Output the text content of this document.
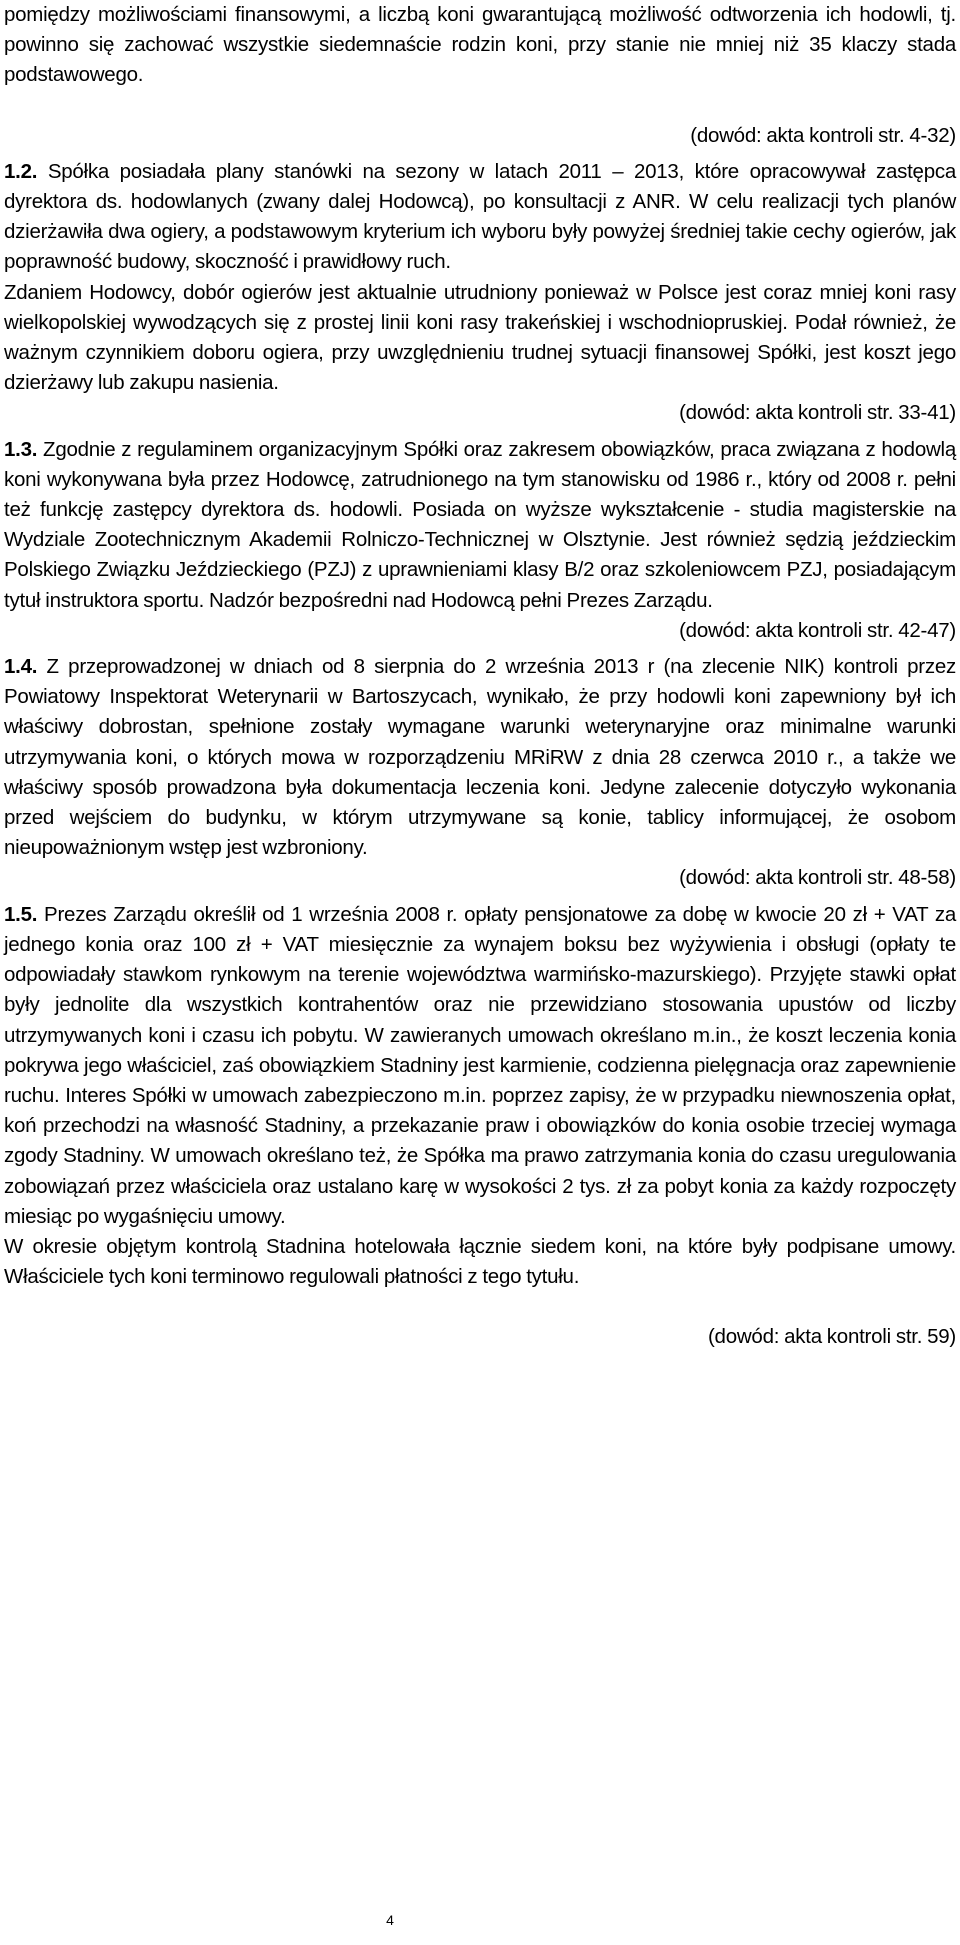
pomiędzy możliwościami finansowymi, a liczbą koni gwarantującą możliwość odtworzenia ich hodowli, tj. powinno się zachować wszystkie siedemnaście rodzin koni, przy stanie nie mniej niż 35 klaczy stada podstawowego.

(dowód: akta kontroli str. 4-32)

1.2. Spółka posiadała plany stanówki na sezony w latach 2011 – 2013, które opracowywał zastępca dyrektora ds. hodowlanych (zwany dalej Hodowcą), po konsultacji z ANR. W celu realizacji tych planów dzierżawiła dwa ogiery, a podstawowym kryterium ich wyboru były powyżej średniej takie cechy ogierów, jak poprawność budowy, skoczność i prawidłowy ruch.

Zdaniem Hodowcy, dobór ogierów jest aktualnie utrudniony ponieważ w Polsce jest coraz mniej koni rasy wielkopolskiej wywodzących się z prostej linii koni rasy trakeńskiej i wschodniopruskiej. Podał również, że ważnym czynnikiem doboru ogiera, przy uwzględnieniu trudnej sytuacji finansowej Spółki, jest koszt jego dzierżawy lub zakupu nasienia.

(dowód: akta kontroli str. 33-41)

1.3. Zgodnie z regulaminem organizacyjnym Spółki oraz zakresem obowiązków, praca związana z hodowlą koni wykonywana była przez Hodowcę, zatrudnionego na tym stanowisku od 1986 r., który od 2008 r. pełni też funkcję zastępcy dyrektora ds. hodowli. Posiada on wyższe wykształcenie - studia magisterskie na Wydziale Zootechnicznym Akademii Rolniczo-Technicznej w Olsztynie. Jest również sędzią jeździeckim Polskiego Związku Jeździeckiego (PZJ) z uprawnieniami klasy B/2 oraz szkoleniowcem PZJ, posiadającym tytuł instruktora sportu. Nadzór bezpośredni nad Hodowcą pełni Prezes Zarządu.

(dowód: akta kontroli str. 42-47)

1.4. Z przeprowadzonej w dniach od 8 sierpnia do 2 września 2013 r (na zlecenie NIK) kontroli przez Powiatowy Inspektorat Weterynarii w Bartoszycach, wynikało, że przy hodowli koni zapewniony był ich właściwy dobrostan, spełnione zostały wymagane warunki weterynaryjne oraz minimalne warunki utrzymywania koni, o których mowa w rozporządzeniu MRiRW z dnia 28 czerwca 2010 r., a także we właściwy sposób prowadzona była dokumentacja leczenia koni. Jedyne zalecenie dotyczyło wykonania przed wejściem do budynku, w którym utrzymywane są konie, tablicy informującej, że osobom nieupoważnionym wstęp jest wzbroniony.

(dowód: akta kontroli str. 48-58)

1.5. Prezes Zarządu określił od 1 września 2008 r. opłaty pensjonatowe za dobę w kwocie 20 zł + VAT za jednego konia oraz 100 zł + VAT miesięcznie za wynajem boksu bez wyżywienia i obsługi (opłaty te odpowiadały stawkom rynkowym na terenie województwa warmińsko-mazurskiego). Przyjęte stawki opłat były jednolite dla wszystkich kontrahentów oraz nie przewidziano stosowania upustów od liczby utrzymywanych koni i czasu ich pobytu. W zawieranych umowach określano m.in., że koszt leczenia konia pokrywa jego właściciel, zaś obowiązkiem Stadniny jest karmienie, codzienna pielęgnacja oraz zapewnienie ruchu. Interes Spółki w umowach zabezpieczono m.in. poprzez zapisy, że w przypadku niewnoszenia opłat, koń przechodzi na własność Stadniny, a przekazanie praw i obowiązków do konia osobie trzeciej wymaga zgody Stadniny. W umowach określano też, że Spółka ma prawo zatrzymania konia do czasu uregulowania zobowiązań przez właściciela oraz ustalano karę w wysokości 2 tys. zł za pobyt konia za każdy rozpoczęty miesiąc po wygaśnięciu umowy.

W okresie objętym kontrolą Stadnina hotelowała łącznie siedem koni, na które były podpisane umowy. Właściciele tych koni terminowo regulowali płatności z tego tytułu.

(dowód: akta kontroli str. 59)
4
